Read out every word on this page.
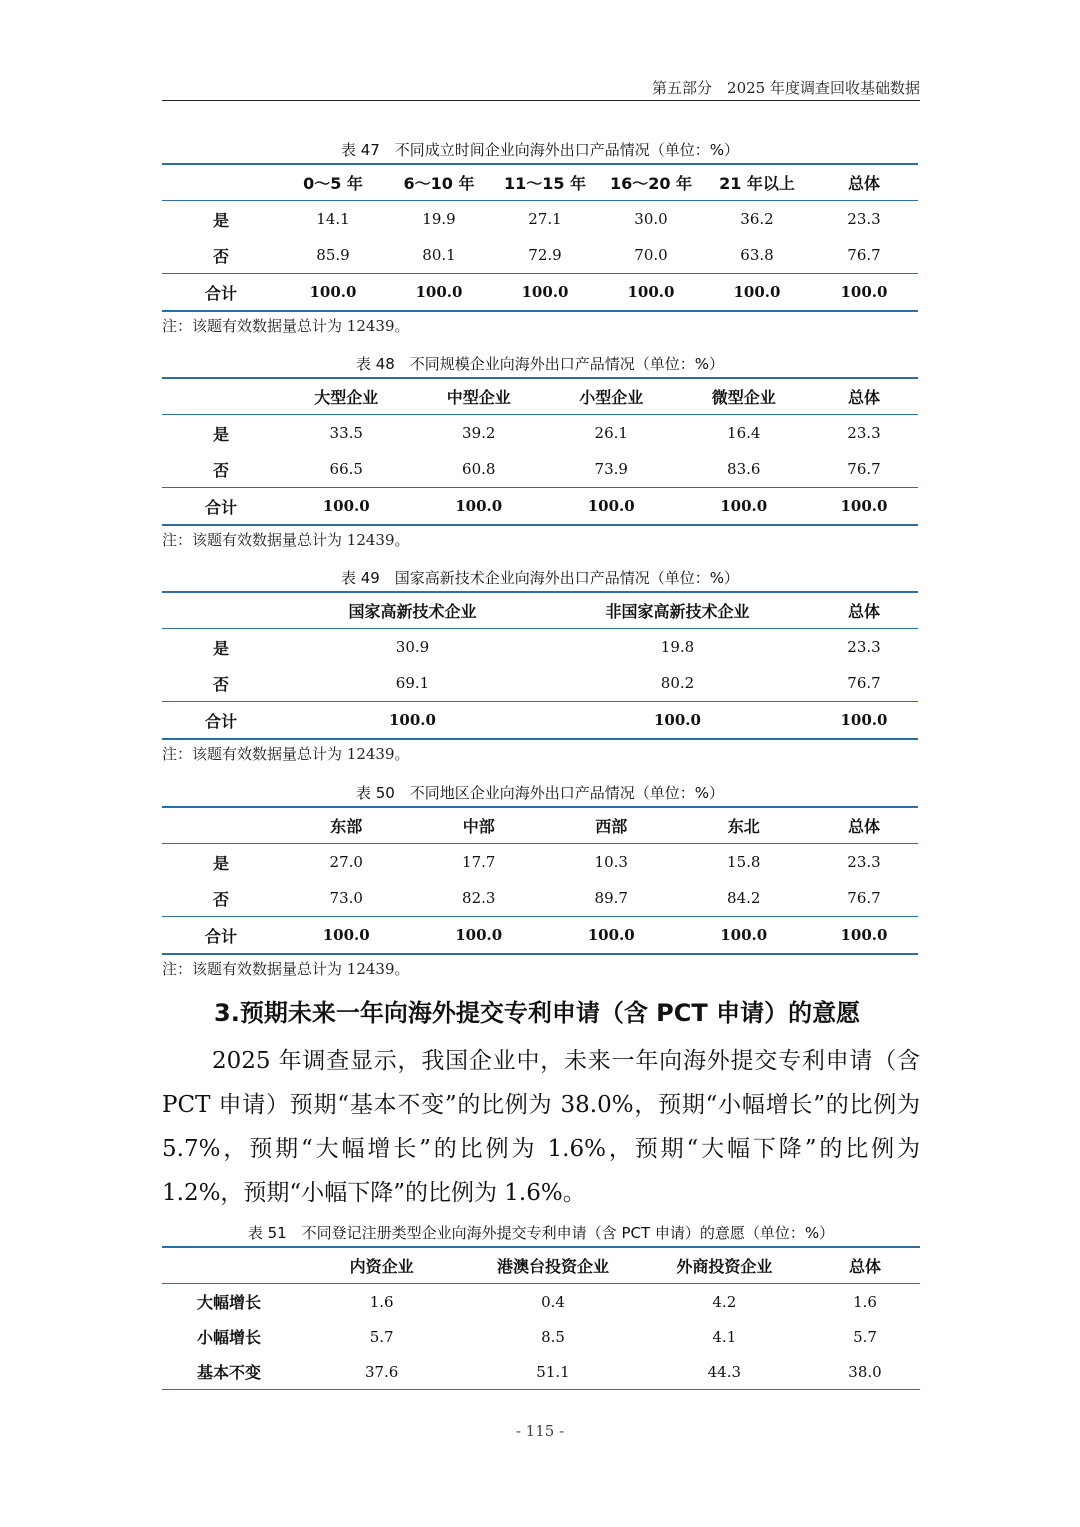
第五部分　2025 年度调查回收基础数据
表 47　不同成立时间企业向海外出口产品情况（单位：%）
	0～5 年	6～10 年	11～15 年	16～20 年	21 年以上	总体
是	14.1	19.9	27.1	30.0	36.2	23.3
否	85.9	80.1	72.9	70.0	63.8	76.7
合计	100.0	100.0	100.0	100.0	100.0	100.0
注：该题有效数据量总计为 12439。
表 48　不同规模企业向海外出口产品情况（单位：%）
	大型企业	中型企业	小型企业	微型企业	总体
是	33.5	39.2	26.1	16.4	23.3
否	66.5	60.8	73.9	83.6	76.7
合计	100.0	100.0	100.0	100.0	100.0
注：该题有效数据量总计为 12439。
表 49　国家高新技术企业向海外出口产品情况（单位：%）
	国家高新技术企业	非国家高新技术企业	总体
是	30.9	19.8	23.3
否	69.1	80.2	76.7
合计	100.0	100.0	100.0
注：该题有效数据量总计为 12439。
表 50　不同地区企业向海外出口产品情况（单位：%）
	东部	中部	西部	东北	总体
是	27.0	17.7	10.3	15.8	23.3
否	73.0	82.3	89.7	84.2	76.7
合计	100.0	100.0	100.0	100.0	100.0
注：该题有效数据量总计为 12439。
3.预期未来一年向海外提交专利申请（含 PCT 申请）的意愿
2025 年调查显示，我国企业中，未来一年向海外提交专利申请（含 PCT 申请）预期“基本不变”的比例为 38.0%，预期“小幅增长”的比例为 5.7%，预期“大幅增长”的比例为 1.6%，预期“大幅下降”的比例为 1.2%，预期“小幅下降”的比例为 1.6%。
表 51　不同登记注册类型企业向海外提交专利申请（含 PCT 申请）的意愿（单位：%）
	内资企业	港澳台投资企业	外商投资企业	总体
大幅增长	1.6	0.4	4.2	1.6
小幅增长	5.7	8.5	4.1	5.7
基本不变	37.6	51.1	44.3	38.0
- 115 -
